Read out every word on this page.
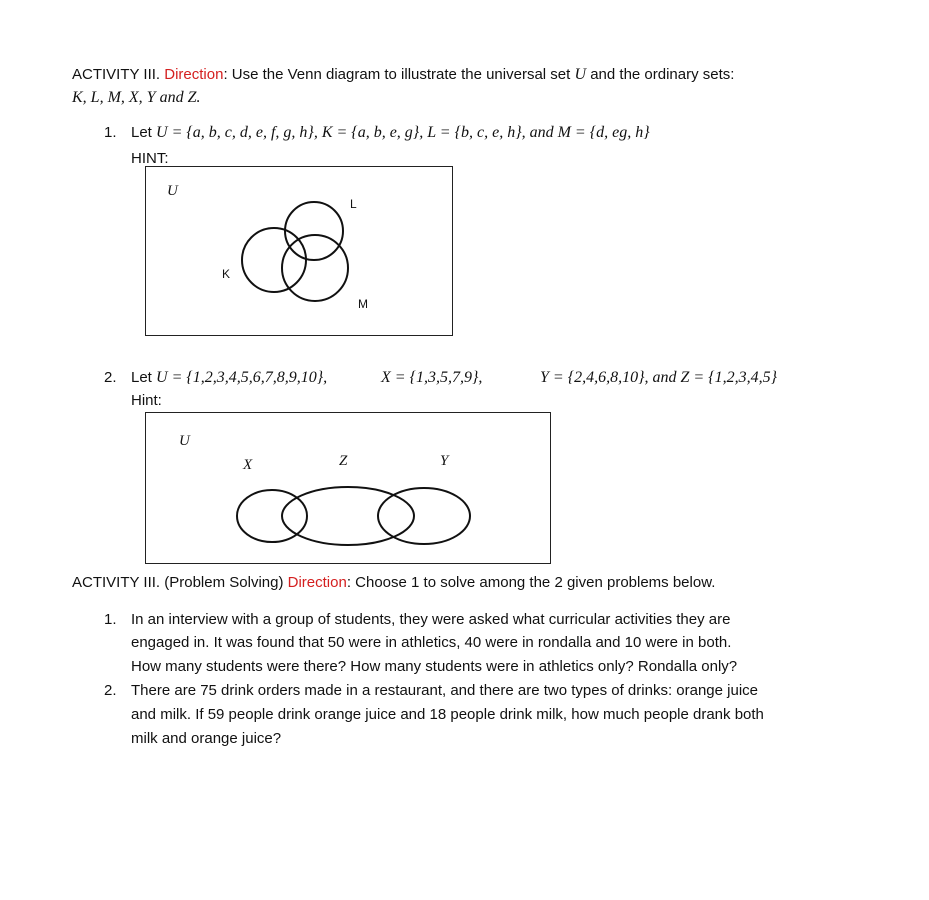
ACTIVITY III. Direction: Use the Venn diagram to illustrate the universal set U and the ordinary sets:
K, L, M, X, Y and Z.
1. Let U = {a, b, c, d, e, f, g, h}, K = {a, b, e, g}, L = {b, c, e, h}, and M = {d, eg, h}
HINT:
U
L
K
M
2. Let U = {1,2,3,4,5,6,7,8,9,10},	X = {1,3,5,7,9},	Y = {2,4,6,8,10}, and Z = {1,2,3,4,5}
Hint:
U
X	Z	Y
ACTIVITY III. (Problem Solving) Direction: Choose 1 to solve among the 2 given problems below.
1. In an interview with a group of students, they were asked what curricular activities they are
engaged in. It was found that 50 were in athletics, 40 were in rondalla and 10 were in both.
How many students were there? How many students were in athletics only? Rondalla only?
2. There are 75 drink orders made in a restaurant, and there are two types of drinks: orange juice
and milk. If 59 people drink orange juice and 18 people drink milk, how much people drank both
milk and orange juice?
